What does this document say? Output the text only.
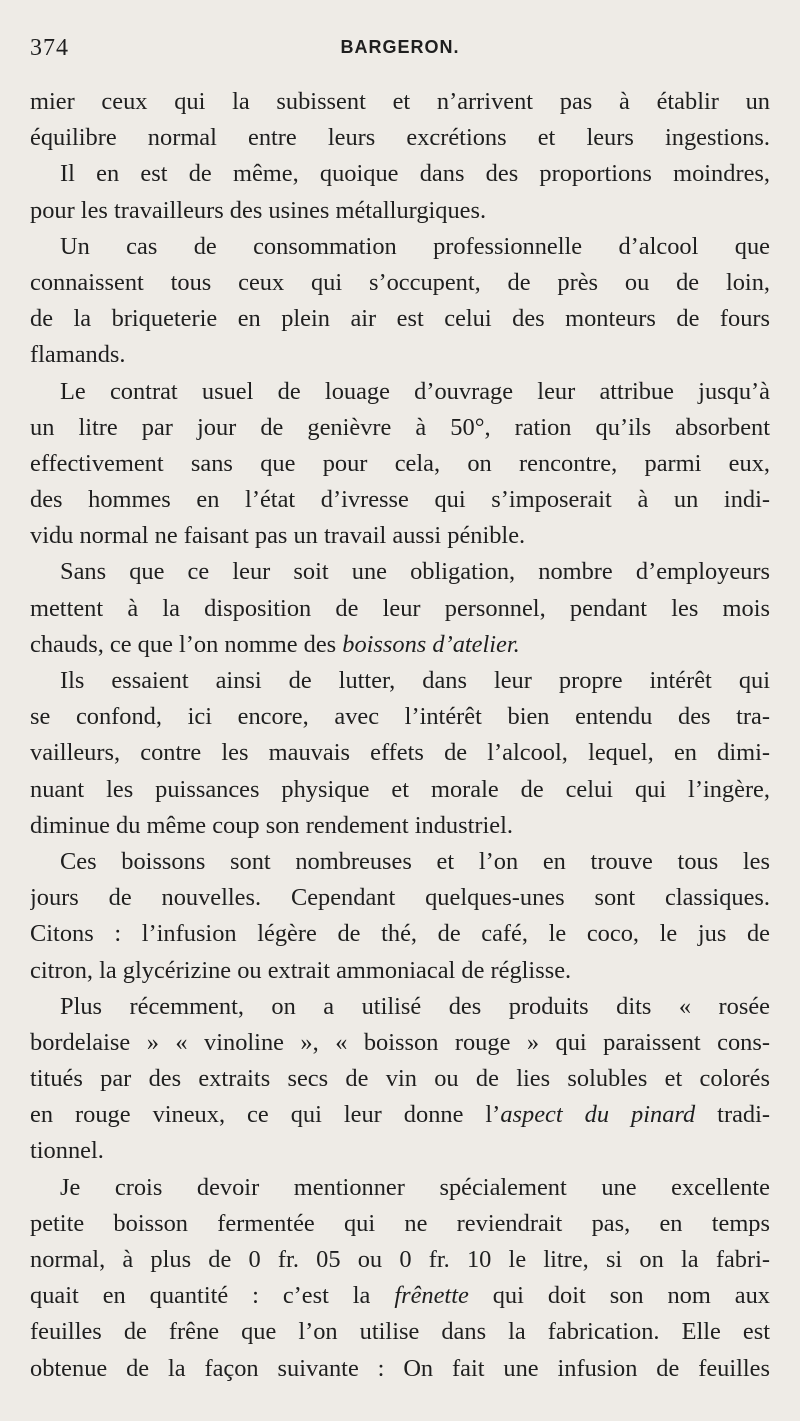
374	BARGERON.
mier ceux qui la subissent et n’arrivent pas à établir un
équilibre normal entre leurs excrétions et leurs ingestions.
Il en est de même, quoique dans des proportions moindres,
pour les travailleurs des usines métallurgiques.
Un cas de consommation professionnelle d’alcool que
connaissent tous ceux qui s’occupent, de près ou de loin,
de la briqueterie en plein air est celui des monteurs de fours
flamands.
Le contrat usuel de louage d’ouvrage leur attribue jusqu’à
un litre par jour de genièvre à 50°, ration qu’ils absorbent
effectivement sans que pour cela, on rencontre, parmi eux,
des hommes en l’état d’ivresse qui s’imposerait à un indi-
vidu normal ne faisant pas un travail aussi pénible.
Sans que ce leur soit une obligation, nombre d’employeurs
mettent à la disposition de leur personnel, pendant les mois
chauds, ce que l’on nomme des boissons d’atelier.
Ils essaient ainsi de lutter, dans leur propre intérêt qui
se confond, ici encore, avec l’intérêt bien entendu des tra-
vailleurs, contre les mauvais effets de l’alcool, lequel, en dimi-
nuant les puissances physique et morale de celui qui l’ingère,
diminue du même coup son rendement industriel.
Ces boissons sont nombreuses et l’on en trouve tous les
jours de nouvelles. Cependant quelques-unes sont classiques.
Citons : l’infusion légère de thé, de café, le coco, le jus de
citron, la glycérizine ou extrait ammoniacal de réglisse.
Plus récemment, on a utilisé des produits dits « rosée
bordelaise » « vinoline », « boisson rouge » qui paraissent cons-
titués par des extraits secs de vin ou de lies solubles et colorés
en rouge vineux, ce qui leur donne l’aspect du pinard tradi-
tionnel.
Je crois devoir mentionner spécialement une excellente
petite boisson fermentée qui ne reviendrait pas, en temps
normal, à plus de 0 fr. 05 ou 0 fr. 10 le litre, si on la fabri-
quait en quantité : c’est la frênette qui doit son nom aux
feuilles de frêne que l’on utilise dans la fabrication. Elle est
obtenue de la façon suivante : On fait une infusion de feuilles
